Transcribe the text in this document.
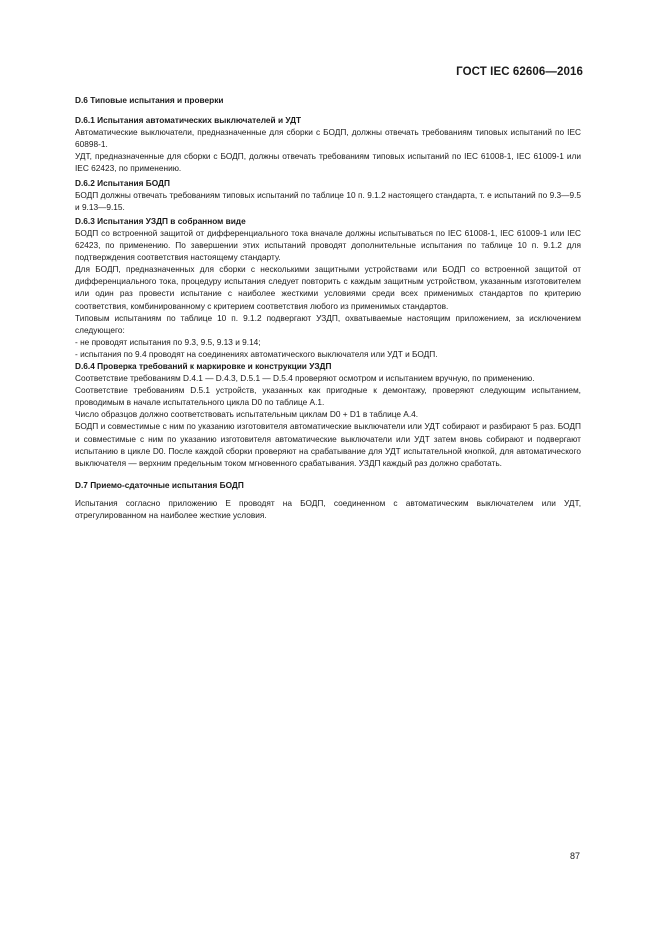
ГОСТ IEC 62606—2016
D.6 Типовые испытания и проверки
D.6.1 Испытания автоматических выключателей и УДТ

Автоматические выключатели, предназначенные для сборки с БОДП, должны отвечать требованиям типовых испытаний по IEC 60898-1.

УДТ, предназначенные для сборки с БОДП, должны отвечать требованиям типовых испытаний по IEC 61008-1, IEC 61009-1 или IEC 62423, по применению.

D.6.2 Испытания БОДП

БОДП должны отвечать требованиям типовых испытаний по таблице 10 п. 9.1.2 настоящего стандарта, т. е испытаний по 9.3—9.5 и 9.13—9.15.

D.6.3 Испытания УЗДП в собранном виде

БОДП со встроенной защитой от дифференциального тока вначале должны испытываться по IEC 61008-1, IEC 61009-1 или IEC 62423, по применению. По завершении этих испытаний проводят дополнительные испытания по таблице 10 п. 9.1.2 для подтверждения соответствия настоящему стандарту.

Для БОДП, предназначенных для сборки с несколькими защитными устройствами или БОДП со встроенной защитой от дифференциального тока, процедуру испытания следует повторить с каждым защитным устройством, указанным изготовителем или один раз провести испытание с наиболее жесткими условиями среди всех применимых стандартов по критерию соответствия, комбинированному с критерием соответствия любого из применимых стандартов.

Типовым испытаниям по таблице 10 п. 9.1.2 подвергают УЗДП, охватываемые настоящим приложением, за исключением следующего:

- не проводят испытания по 9.3, 9.5, 9.13 и 9.14;

- испытания по 9.4 проводят на соединениях автоматического выключателя или УДТ и БОДП.

D.6.4 Проверка требований к маркировке и конструкции УЗДП

Соответствие требованиям D.4.1 — D.4.3, D.5.1 — D.5.4 проверяют осмотром и испытанием вручную, по применению.

Соответствие требованиям D.5.1 устройств, указанных как пригодные к демонтажу, проверяют следующим испытанием, проводимым в начале испытательного цикла D0 по таблице A.1.

Число образцов должно соответствовать испытательным циклам D0 + D1 в таблице A.4.

БОДП и совместимые с ним по указанию изготовителя автоматические выключатели или УДТ собирают и разбирают 5 раз. БОДП и совместимые с ним по указанию изготовителя автоматические выключатели или УДТ затем вновь собирают и подвергают испытанию в цикле D0. После каждой сборки проверяют на срабатывание для УДТ испытательной кнопкой, для автоматического выключателя — верхним предельным током мгновенного срабатывания. УЗДП каждый раз должно сработать.

D.7 Приемо-сдаточные испытания БОДП

Испытания согласно приложению E проводят на БОДП, соединенном с автоматическим выключателем или УДТ, отрегулированном на наиболее жесткие условия.

87
